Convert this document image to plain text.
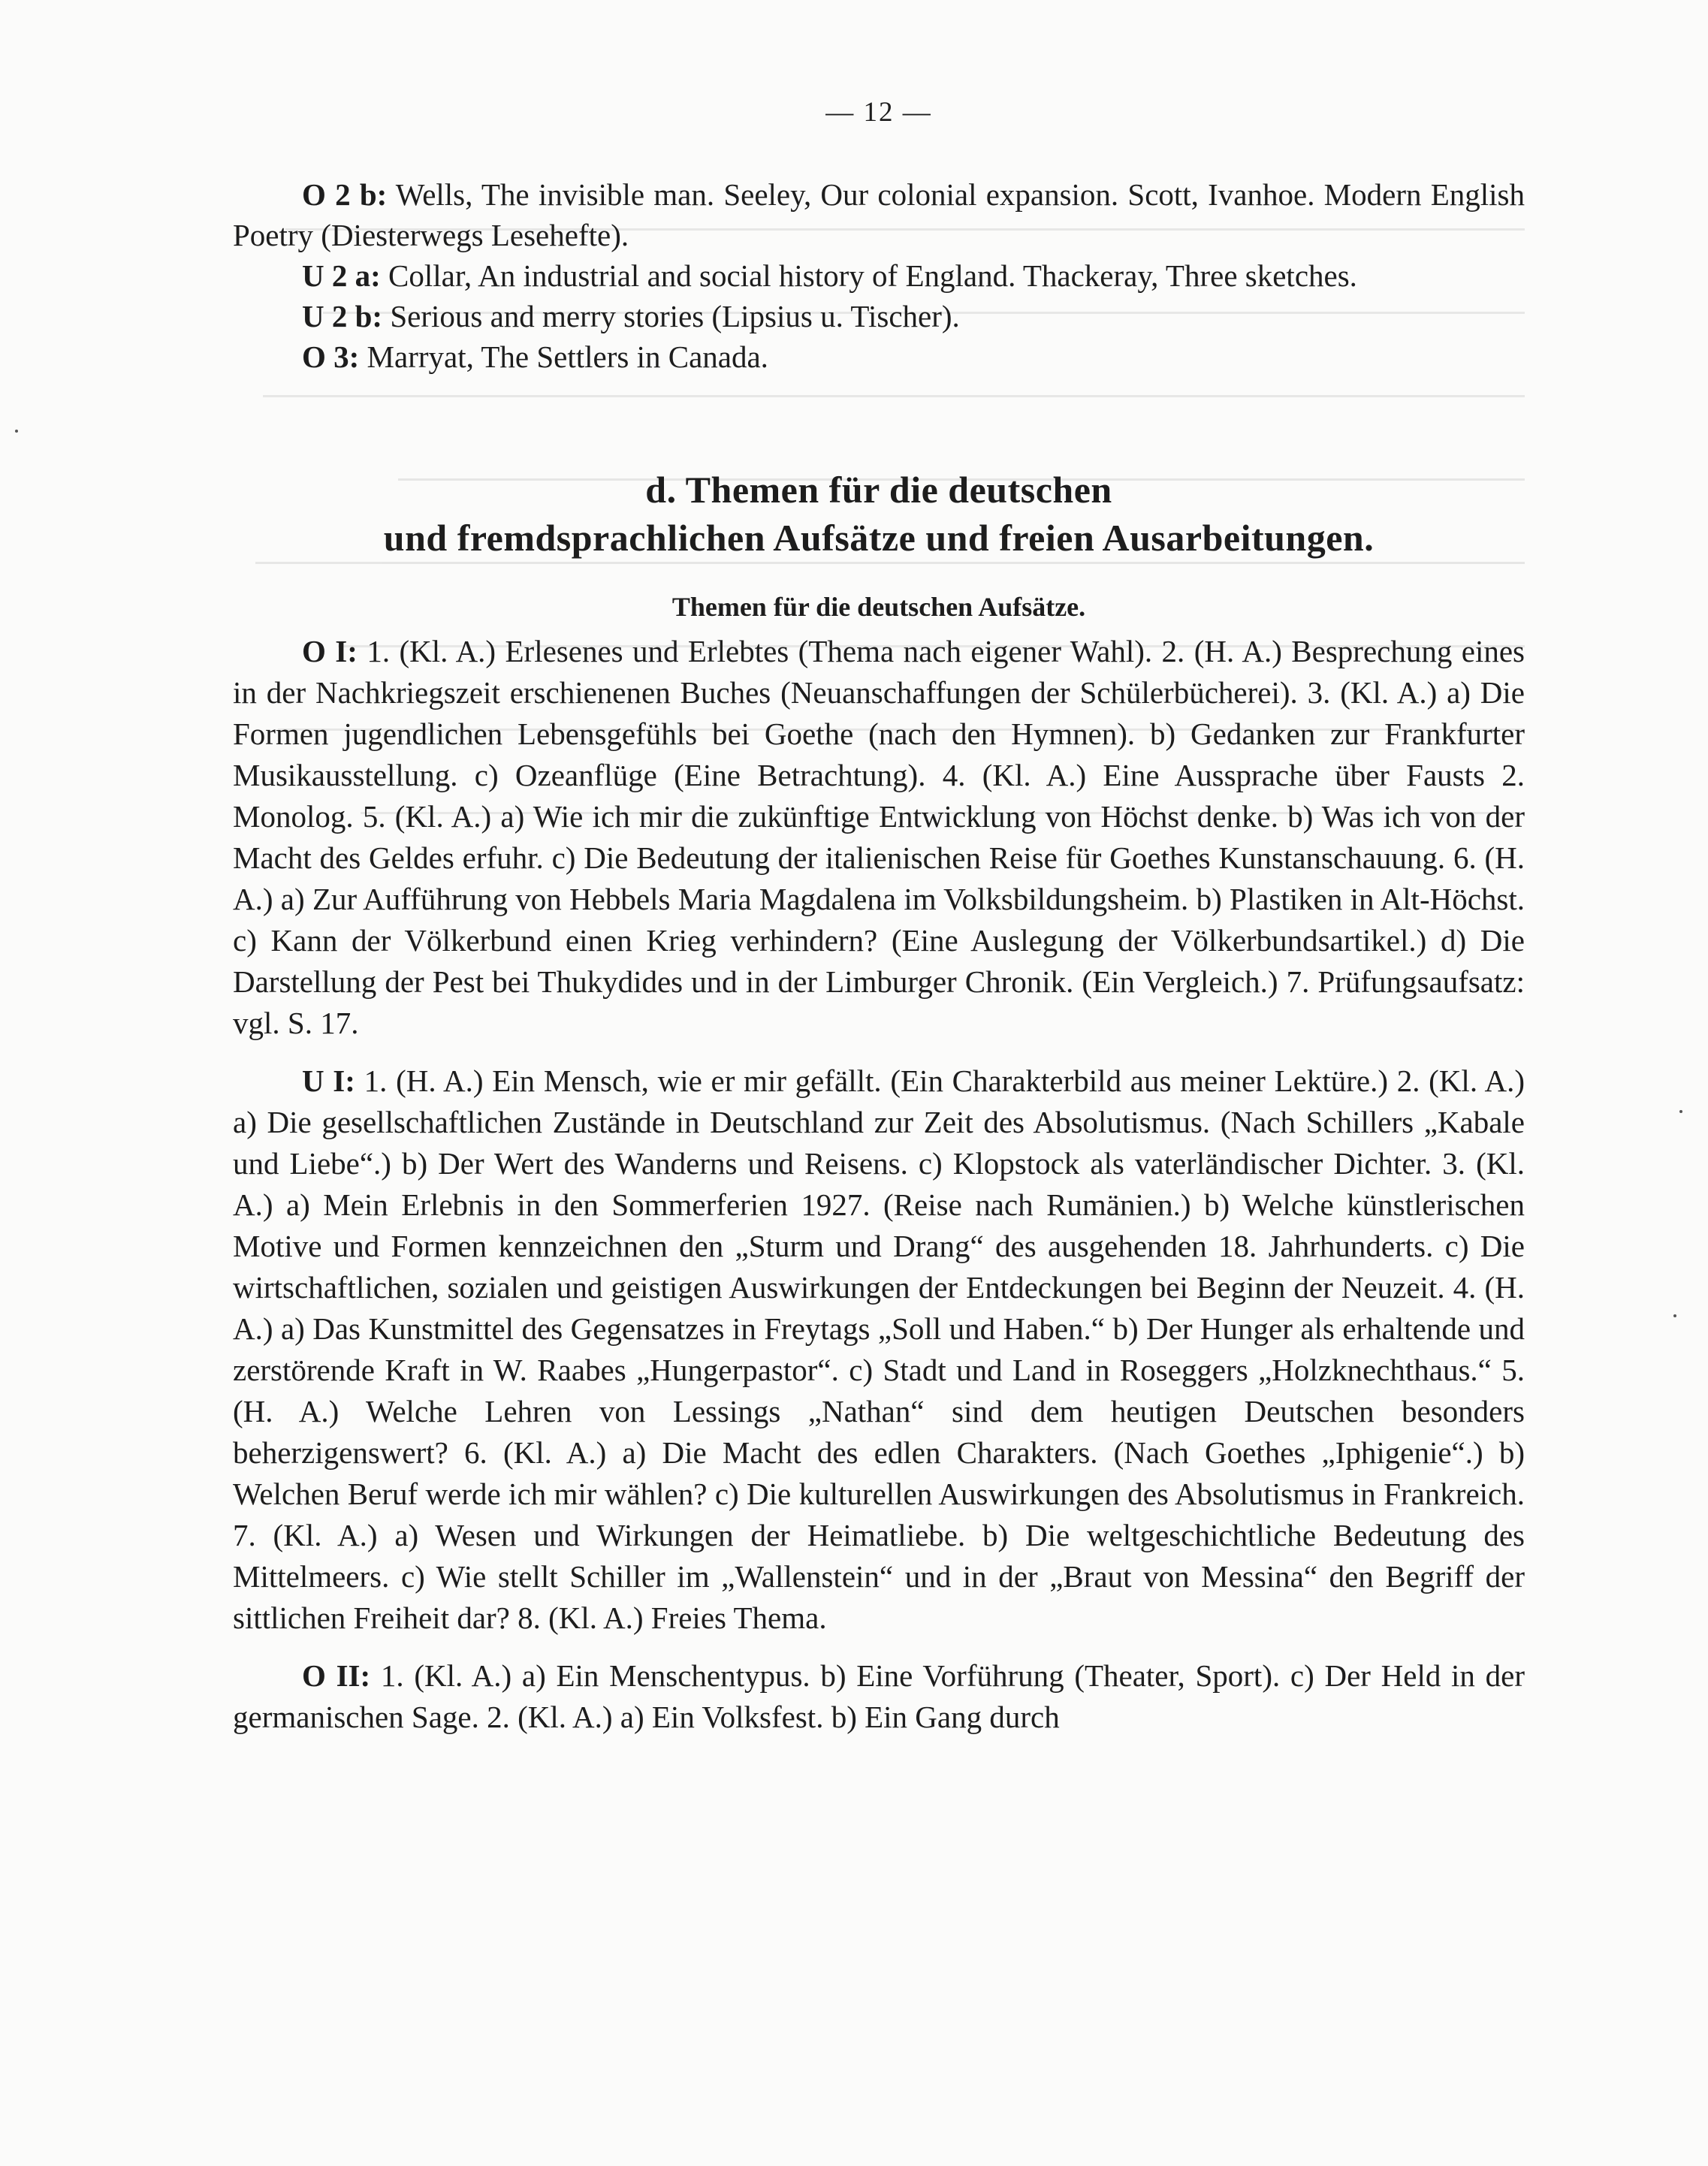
— 12 —

O 2 b: Wells, The invisible man. Seeley, Our colonial expansion. Scott, Ivanhoe. Modern English Poetry (Diesterwegs Lesehefte).

U 2 a: Collar, An industrial and social history of England. Thackeray, Three sketches.

U 2 b: Serious and merry stories (Lipsius u. Tischer).

O 3: Marryat, The Settlers in Canada.

d. Themen für die deutschen
und fremdsprachlichen Aufsätze und freien Ausarbeitungen.
Themen für die deutschen Aufsätze.

O I: 1. (Kl. A.) Erlesenes und Erlebtes (Thema nach eigener Wahl). 2. (H. A.) Besprechung eines in der Nachkriegszeit erschienenen Buches (Neuanschaffungen der Schülerbücherei). 3. (Kl. A.) a) Die Formen jugendlichen Lebensgefühls bei Goethe (nach den Hymnen). b) Gedanken zur Frankfurter Musikausstellung. c) Ozeanflüge (Eine Betrachtung). 4. (Kl. A.) Eine Aussprache über Fausts 2. Monolog. 5. (Kl. A.) a) Wie ich mir die zukünftige Entwicklung von Höchst denke. b) Was ich von der Macht des Geldes erfuhr. c) Die Bedeutung der italienischen Reise für Goethes Kunstanschauung. 6. (H. A.) a) Zur Aufführung von Hebbels Maria Magdalena im Volksbildungsheim. b) Plastiken in Alt-Höchst. c) Kann der Völkerbund einen Krieg verhindern? (Eine Auslegung der Völkerbundsartikel.) d) Die Darstellung der Pest bei Thukydides und in der Limburger Chronik. (Ein Vergleich.) 7. Prüfungsaufsatz: vgl. S. 17.

U I: 1. (H. A.) Ein Mensch, wie er mir gefällt. (Ein Charakterbild aus meiner Lektüre.) 2. (Kl. A.) a) Die gesellschaftlichen Zustände in Deutschland zur Zeit des Absolutismus. (Nach Schillers „Kabale und Liebe“.) b) Der Wert des Wanderns und Reisens. c) Klopstock als vaterländischer Dichter. 3. (Kl. A.) a) Mein Erlebnis in den Sommerferien 1927. (Reise nach Rumänien.) b) Welche künstlerischen Motive und Formen kennzeichnen den „Sturm und Drang“ des ausgehenden 18. Jahrhunderts. c) Die wirtschaftlichen, sozialen und geistigen Auswirkungen der Entdeckungen bei Beginn der Neuzeit. 4. (H. A.) a) Das Kunstmittel des Gegensatzes in Freytags „Soll und Haben.“ b) Der Hunger als erhaltende und zerstörende Kraft in W. Raabes „Hungerpastor“. c) Stadt und Land in Roseggers „Holzknechthaus.“ 5. (H. A.) Welche Lehren von Lessings „Nathan“ sind dem heutigen Deutschen besonders beherzigenswert? 6. (Kl. A.) a) Die Macht des edlen Charakters. (Nach Goethes „Iphigenie“.) b) Welchen Beruf werde ich mir wählen? c) Die kulturellen Auswirkungen des Absolutismus in Frankreich. 7. (Kl. A.) a) Wesen und Wirkungen der Heimatliebe. b) Die weltgeschichtliche Bedeutung des Mittelmeers. c) Wie stellt Schiller im „Wallenstein“ und in der „Braut von Messina“ den Begriff der sittlichen Freiheit dar? 8. (Kl. A.) Freies Thema.

O II: 1. (Kl. A.) a) Ein Menschentypus. b) Eine Vorführung (Theater, Sport). c) Der Held in der germanischen Sage. 2. (Kl. A.) a) Ein Volksfest. b) Ein Gang durch
